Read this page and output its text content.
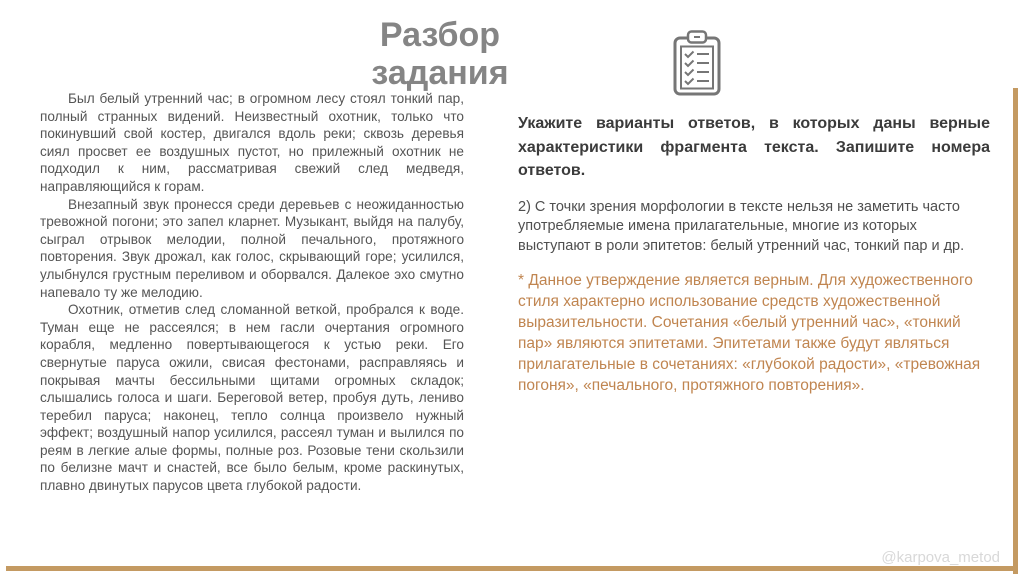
Разбор задания

Был белый утренний час; в огромном лесу стоял тонкий пар, полный странных видений. Неизвестный охотник, только что покинувший свой костер, двигался вдоль реки; сквозь деревья сиял просвет ее воздушных пустот, но прилежный охотник не подходил к ним, рассматривая свежий след медведя, направляющийся к горам.

Внезапный звук пронесся среди деревьев с неожиданностью тревожной погони; это запел кларнет. Музыкант, выйдя на палубу, сыграл отрывок мелодии, полной печального, протяжного повторения. Звук дрожал, как голос, скрывающий горе; усилился, улыбнулся грустным переливом и оборвался. Далекое эхо смутно напевало ту же мелодию.

Охотник, отметив след сломанной веткой, пробрался к воде. Туман еще не рассеялся; в нем гасли очертания огромного корабля, медленно повертывающегося к устью реки. Его свернутые паруса ожили, свисая фестонами, расправляясь и покрывая мачты бессильными щитами огромных складок; слышались голоса и шаги. Береговой ветер, пробуя дуть, лениво теребил паруса; наконец, тепло солнца произвело нужный эффект; воздушный напор усилился, рассеял туман и вылился по реям в легкие алые формы, полные роз. Розовые тени скользили по белизне мачт и снастей, все было белым, кроме раскинутых, плавно двинутых парусов цвета глубокой радости.

Укажите варианты ответов, в которых даны верные характеристики фрагмента текста. Запишите номера ответов.

2) С точки зрения морфологии в тексте нельзя не заметить часто употребляемые имена прилагательные, многие из которых выступают в роли эпитетов: белый утренний час, тонкий пар и др.

* Данное утверждение является верным. Для художественного стиля характерно использование средств художественной выразительности. Сочетания «белый утренний час», «тонкий пар» являются эпитетами. Эпитетами также будут являться прилагательные в сочетаниях: «глубокой радости», «тревожная погоня», «печального, протяжного повторения».

@karpova_metod
